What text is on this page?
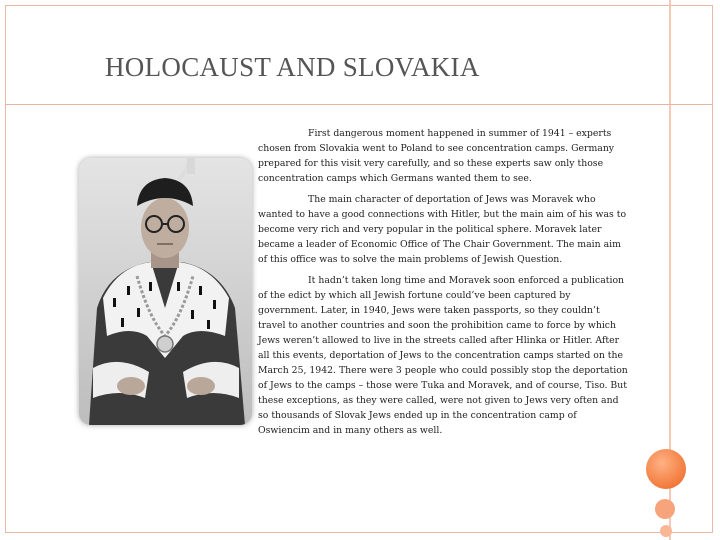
HOLOCAUST AND SLOVAKIA

First dangerous moment happened in summer of 1941 – experts chosen from Slovakia went to Poland to see concentration camps. Germany prepared for this visit very carefully, and so these experts saw only those concentration camps which Germans wanted them to see.

The main character of deportation of Jews was Moravek who wanted to have a good connections with Hitler, but the main aim of his was to become very rich and very popular in the political sphere. Moravek later became a leader of Economic Office of The Chair Government. The main aim of this office was to solve the main problems of Jewish Question.

It hadn’t taken long time and Moravek soon enforced a publication of the edict by which all Jewish fortune could’ve been captured by government. Later, in 1940, Jews were taken passports, so they couldn’t travel to another countries and soon the prohibition came to force by which Jews weren’t allowed to live in the streets called after Hlinka or Hitler. After all this events, deportation of Jews to the concentration camps started on the March 25, 1942. There were 3 people who could possibly stop the deportation of Jews to the camps – those were Tuka and Moravek, and of course, Tiso. But these exceptions, as they were called, were not given to Jews very often and so thousands of Slovak Jews ended up in the concentration camp of Oswiencim and in many others as well.
